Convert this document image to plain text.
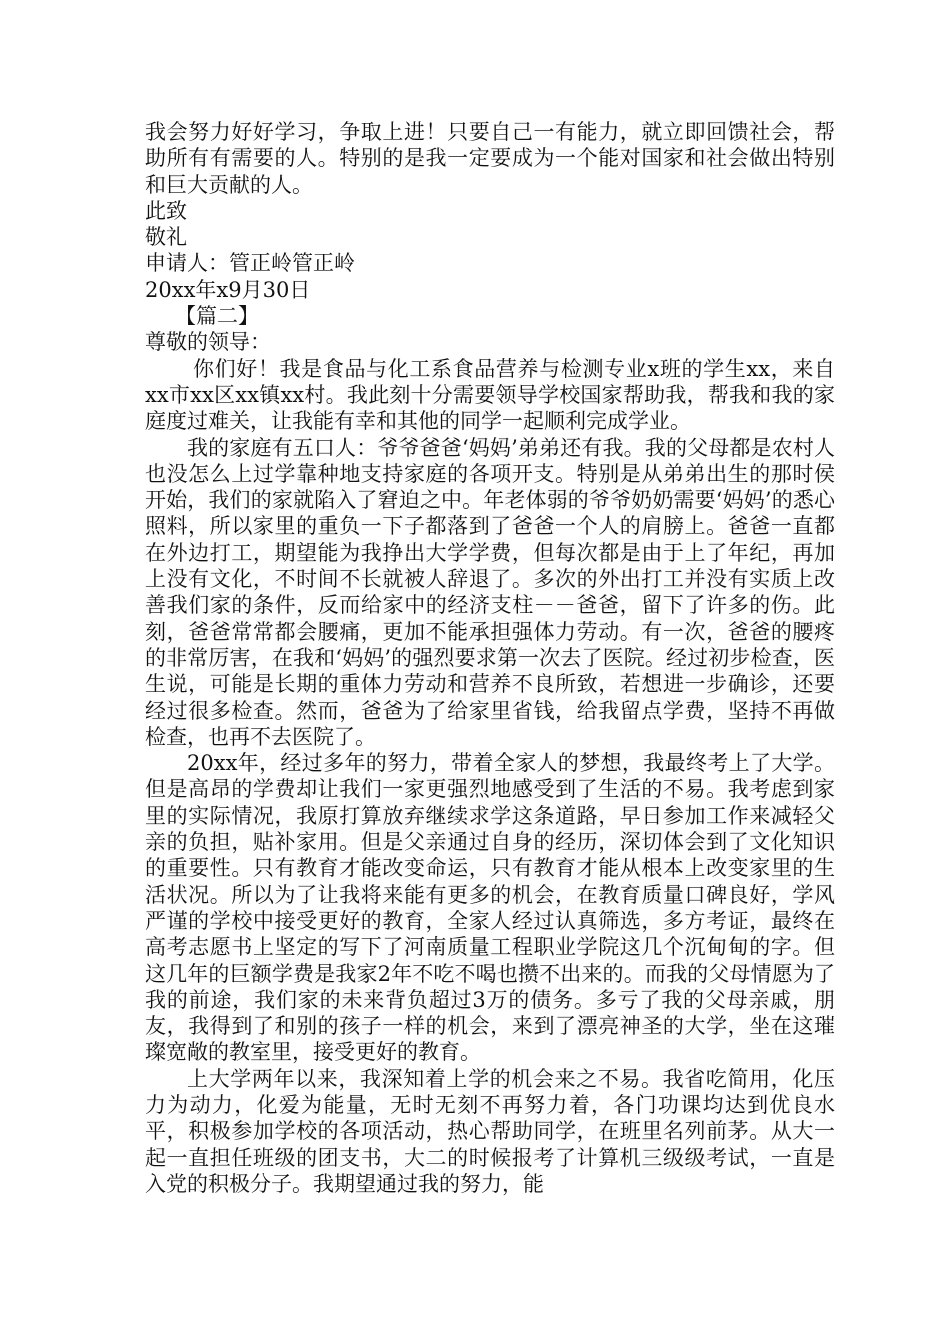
我会努力好好学习，争取上进！只要自己一有能力，就立即回馈社会，帮助所有有需要的人。特别的是我一定要成为一个能对国家和社会做出特别和巨大贡献的人。

此致

敬礼

申请人：管正岭管正岭

20xx年x9月30日

【篇二】

尊敬的领导：

你们好！我是食品与化工系食品营养与检测专业x班的学生xx，来自xx市xx区xx镇xx村。我此刻十分需要领导学校国家帮助我，帮我和我的家庭度过难关，让我能有幸和其他的同学一起顺利完成学业。

我的家庭有五口人：爷爷爸爸‘妈妈’弟弟还有我。我的父母都是农村人也没怎么上过学靠种地支持家庭的各项开支。特别是从弟弟出生的那时侯开始，我们的家就陷入了窘迫之中。年老体弱的爷爷奶奶需要‘妈妈’的悉心照料，所以家里的重负一下子都落到了爸爸一个人的肩膀上。爸爸一直都在外边打工，期望能为我挣出大学学费，但每次都是由于上了年纪，再加上没有文化，不时间不长就被人辞退了。多次的外出打工并没有实质上改善我们家的条件，反而给家中的经济支柱－－爸爸，留下了许多的伤。此刻，爸爸常常都会腰痛，更加不能承担强体力劳动。有一次，爸爸的腰疼的非常厉害，在我和‘妈妈’的强烈要求第一次去了医院。经过初步检查，医生说，可能是长期的重体力劳动和营养不良所致，若想进一步确诊，还要经过很多检查。然而，爸爸为了给家里省钱，给我留点学费，坚持不再做检查，也再不去医院了。

20xx年，经过多年的努力，带着全家人的梦想，我最终考上了大学。但是高昂的学费却让我们一家更强烈地感受到了生活的不易。我考虑到家里的实际情况，我原打算放弃继续求学这条道路，早日参加工作来减轻父亲的负担，贴补家用。但是父亲通过自身的经历，深切体会到了文化知识的重要性。只有教育才能改变命运，只有教育才能从根本上改变家里的生活状况。所以为了让我将来能有更多的机会，在教育质量口碑良好，学风严谨的学校中接受更好的教育，全家人经过认真筛选，多方考证，最终在高考志愿书上坚定的写下了河南质量工程职业学院这几个沉甸甸的字。但这几年的巨额学费是我家2年不吃不喝也攒不出来的。而我的父母情愿为了我的前途，我们家的未来背负超过3万的债务。多亏了我的父母亲戚，朋友，我得到了和别的孩子一样的机会，来到了漂亮神圣的大学，坐在这璀璨宽敞的教室里，接受更好的教育。

上大学两年以来，我深知着上学的机会来之不易。我省吃简用，化压力为动力，化爱为能量，无时无刻不再努力着，各门功课均达到优良水平，积极参加学校的各项活动，热心帮助同学，在班里名列前茅。从大一起一直担任班级的团支书，大二的时候报考了计算机三级级考试，一直是入党的积极分子。我期望通过我的努力，能
